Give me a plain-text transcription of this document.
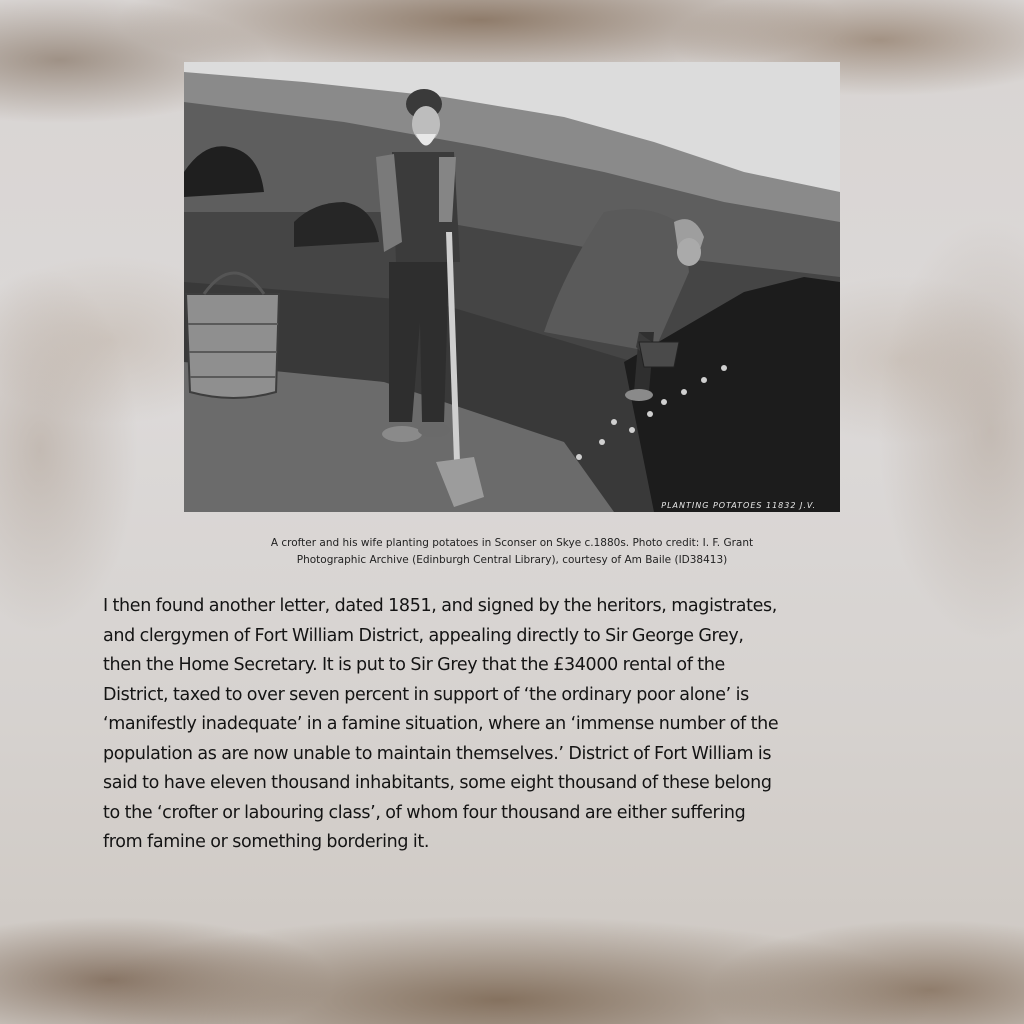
PLANTING POTATOES 11832 J.V.
A crofter and his wife planting potatoes in Sconser on Skye c.1880s. Photo credit: I. F. Grant
Photographic Archive (Edinburgh Central Library), courtesy of Am Baile (ID38413)
I then found another letter, dated 1851, and signed by the heritors, magistrates,
and clergymen of Fort William District, appealing directly to Sir George Grey,
then the Home Secretary. It is put to Sir Grey that the £34000 rental of the
District, taxed to over seven percent in support of ‘the ordinary poor alone’ is
‘manifestly inadequate’ in a famine situation, where an ‘immense number of the
population as are now unable to maintain themselves.’ District of Fort William is
said to have eleven thousand inhabitants, some eight thousand of these belong
to the ‘crofter or labouring class’, of whom four thousand are either suffering
from famine or something bordering it.
